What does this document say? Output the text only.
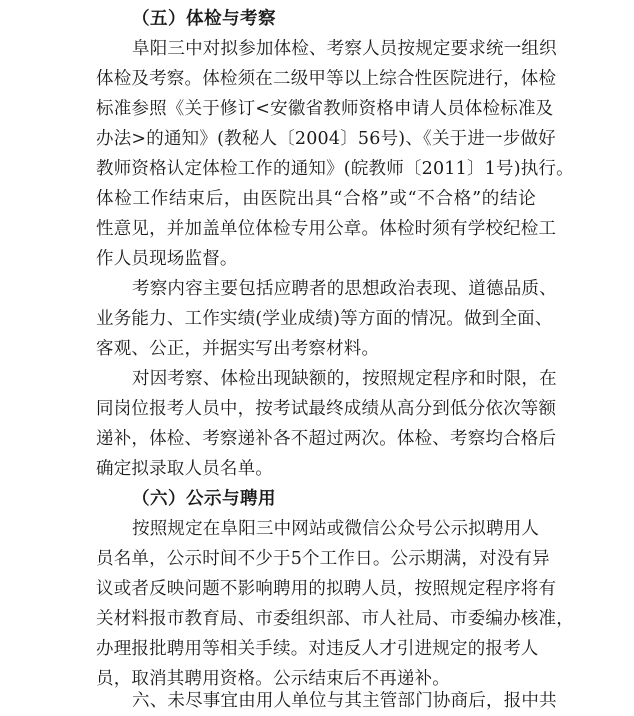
（五）体检与考察
阜阳三中对拟参加体检、考察人员按规定要求统一组织
体检及考察。体检须在二级甲等以上综合性医院进行，体检
标准参照《关于修订<安徽省教师资格申请人员体检标准及
办法>的通知》(教秘人〔2004〕56号)、《关于进一步做好
教师资格认定体检工作的通知》(皖教师〔2011〕1号)执行。
体检工作结束后，由医院出具“合格”或“不合格”的结论
性意见，并加盖单位体检专用公章。体检时须有学校纪检工
作人员现场监督。
考察内容主要包括应聘者的思想政治表现、道德品质、
业务能力、工作实绩(学业成绩)等方面的情况。做到全面、
客观、公正，并据实写出考察材料。
对因考察、体检出现缺额的，按照规定程序和时限，在
同岗位报考人员中，按考试最终成绩从高分到低分依次等额
递补，体检、考察递补各不超过两次。体检、考察均合格后
确定拟录取人员名单。
（六）公示与聘用
按照规定在阜阳三中网站或微信公众号公示拟聘用人
员名单，公示时间不少于5个工作日。公示期满，对没有异
议或者反映问题不影响聘用的拟聘人员，按照规定程序将有
关材料报市教育局、市委组织部、市人社局、市委编办核准，
办理报批聘用等相关手续。对违反人才引进规定的报考人
员，取消其聘用资格。公示结束后不再递补。
六、未尽事宜由用人单位与其主管部门协商后，报中共
